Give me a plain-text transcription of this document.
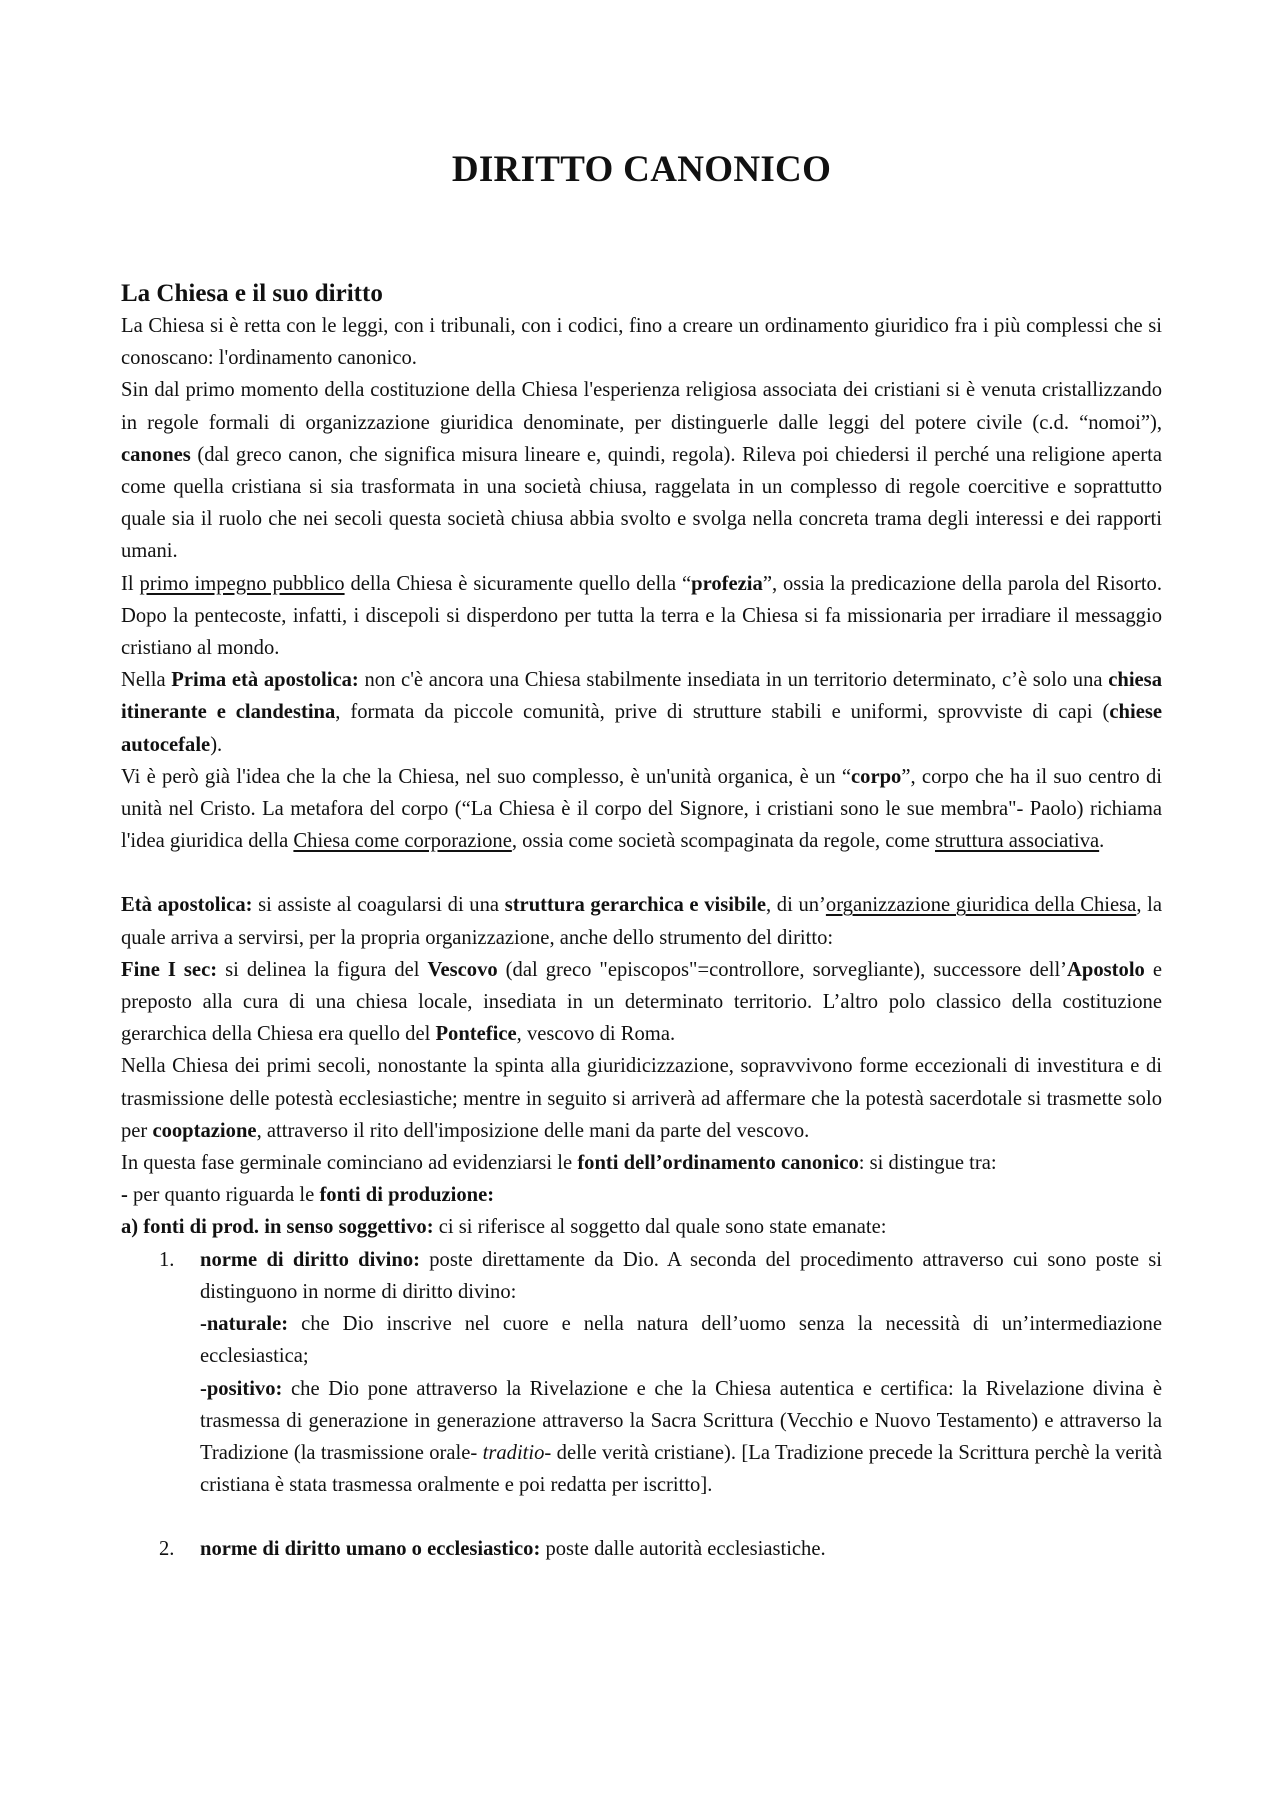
DIRITTO CANONICO
La Chiesa e il suo diritto

La Chiesa si è retta con le leggi, con i tribunali, con i codici, fino a creare un ordinamento giuridico fra i più complessi che si conoscano: l'ordinamento canonico.

Sin dal primo momento della costituzione della Chiesa l'esperienza religiosa associata dei cristiani si è venuta cristallizzando in regole formali di organizzazione giuridica denominate, per distinguerle dalle leggi del potere civile (c.d. “nomoi”), canones (dal greco canon, che significa misura lineare e, quindi, regola). Rileva poi chiedersi il perché una religione aperta come quella cristiana si sia trasformata in una società chiusa, raggelata in un complesso di regole coercitive e soprattutto quale sia il ruolo che nei secoli questa società chiusa abbia svolto e svolga nella concreta trama degli interessi e dei rapporti umani.

Il primo impegno pubblico della Chiesa è sicuramente quello della “profezia”, ossia la predicazione della parola del Risorto. Dopo la pentecoste, infatti, i discepoli si disperdono per tutta la terra e la Chiesa si fa missionaria per irradiare il messaggio cristiano al mondo.

Nella Prima età apostolica: non c'è ancora una Chiesa stabilmente insediata in un territorio determinato, c’è solo una chiesa itinerante e clandestina, formata da piccole comunità, prive di strutture stabili e uniformi, sprovviste di capi (chiese autocefale).

Vi è però già l'idea che la che la Chiesa, nel suo complesso, è un'unità organica, è un “corpo”, corpo che ha il suo centro di unità nel Cristo. La metafora del corpo (“La Chiesa è il corpo del Signore, i cristiani sono le sue membra"- Paolo) richiama l'idea giuridica della Chiesa come corporazione, ossia come società scompaginata da regole, come struttura associativa.

Età apostolica: si assiste al coagularsi di una struttura gerarchica e visibile, di un’organizzazione giuridica della Chiesa, la quale arriva a servirsi, per la propria organizzazione, anche dello strumento del diritto:

Fine I sec: si delinea la figura del Vescovo (dal greco "episcopos"=controllore, sorvegliante), successore dell’Apostolo e preposto alla cura di una chiesa locale, insediata in un determinato territorio. L’altro polo classico della costituzione gerarchica della Chiesa era quello del Pontefice, vescovo di Roma.

Nella Chiesa dei primi secoli, nonostante la spinta alla giuridicizzazione, sopravvivono forme eccezionali di investitura e di trasmissione delle potestà ecclesiastiche; mentre in seguito si arriverà ad affermare che la potestà sacerdotale si trasmette solo per cooptazione, attraverso il rito dell'imposizione delle mani da parte del vescovo.

In questa fase germinale cominciano ad evidenziarsi le fonti dell’ordinamento canonico: si distingue tra:

- per quanto riguarda le fonti di produzione:

a) fonti di prod. in senso soggettivo: ci si riferisce al soggetto dal quale sono state emanate:

1. norme di diritto divino: poste direttamente da Dio. A seconda del procedimento attraverso cui sono poste si distinguono in norme di diritto divino:
-naturale: che Dio inscrive nel cuore e nella natura dell’uomo senza la necessità di un’intermediazione ecclesiastica;
-positivo: che Dio pone attraverso la Rivelazione e che la Chiesa autentica e certifica: la Rivelazione divina è trasmessa di generazione in generazione attraverso la Sacra Scrittura (Vecchio e Nuovo Testamento) e attraverso la Tradizione (la trasmissione orale- traditio- delle verità cristiane). [La Tradizione precede la Scrittura perchè la verità cristiana è stata trasmessa oralmente e poi redatta per iscritto].
2. norme di diritto umano o ecclesiastico: poste dalle autorità ecclesiastiche.
